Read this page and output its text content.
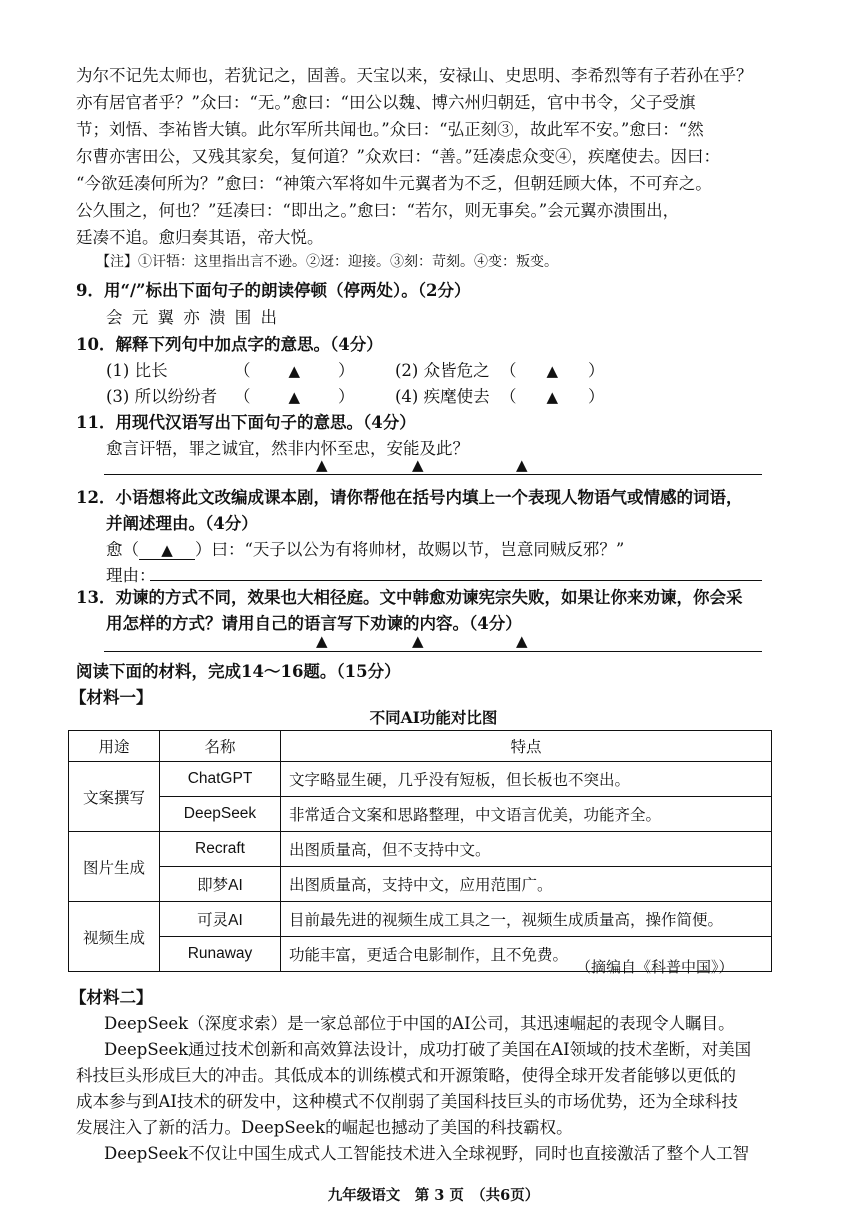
为尔不记先太师也，若犹记之，固善。天宝以来，安禄山、史思明、李希烈等有子若孙在乎？
亦有居官者乎？”众曰：“无。”愈曰：“田公以魏、博六州归朝廷，官中书令，父子受旗
节；刘悟、李祐皆大镇。此尔军所共闻也。”众曰：“弘正刻③，故此军不安。”愈曰：“然
尔曹亦害田公，又残其家矣，复何道？”众欢曰：“善。”廷凑虑众变④，疾麾使去。因曰：
“今欲廷凑何所为？”愈曰：“神策六军将如牛元翼者为不乏，但朝廷顾大体，不可弃之。
公久围之，何也？”廷凑曰：“即出之。”愈曰：“若尔，则无事矣。”会元翼亦溃围出，
廷凑不追。愈归奏其语，帝大悦。
【注】①讦牾：这里指出言不逊。②迓：迎接。③刻：苛刻。④变：叛变。
9．用“/”标出下面句子的朗读停顿（停两处）。（2分）
会 元 翼 亦 溃 围 出
10．解释下列句中加点字的意思。（4分）
(1) 比长	（	▲ ） (2) 众皆危之 （ ▲ ）
(3) 所以纷纷者 （	▲ ） (4) 疾麾使去 （ ▲ ）
11．用现代汉语写出下面句子的意思。（4分）
愈言讦牾，罪之诚宜，然非内怀至忠，安能及此？
▲	▲	▲
12．小语想将此文改编成课本剧，请你帮他在括号内填上一个表现人物语气或情感的词语，
并阐述理由。（4分）
愈（ ▲ ）曰：“天子以公为有将帅材，故赐以节，岂意同贼反邪？”
理由：
13．劝谏的方式不同，效果也大相径庭。文中韩愈劝谏宪宗失败，如果让你来劝谏，你会采
用怎样的方式？请用自己的语言写下劝谏的内容。（4分）
▲	▲	▲
阅读下面的材料，完成14～16题。（15分）
【材料一】
不同AI功能对比图
用途	名称	特点
文案撰写	ChatGPT	文字略显生硬，几乎没有短板，但长板也不突出。
	DeepSeek	非常适合文案和思路整理，中文语言优美，功能齐全。
图片生成	Recraft	出图质量高，但不支持中文。
	即梦AI	出图质量高，支持中文，应用范围广。
视频生成	可灵AI	目前最先进的视频生成工具之一，视频生成质量高，操作简便。
	Runaway	功能丰富，更适合电影制作，且不免费。
（摘编自《科普中国》）
【材料二】
DeepSeek（深度求索）是一家总部位于中国的AI公司，其迅速崛起的表现令人瞩目。
DeepSeek通过技术创新和高效算法设计，成功打破了美国在AI领域的技术垄断，对美国
科技巨头形成巨大的冲击。其低成本的训练模式和开源策略，使得全球开发者能够以更低的
成本参与到AI技术的研发中，这种模式不仅削弱了美国科技巨头的市场优势，还为全球科技
发展注入了新的活力。DeepSeek的崛起也撼动了美国的科技霸权。
DeepSeek不仅让中国生成式人工智能技术进入全球视野，同时也直接激活了整个人工智
九年级语文　第 3 页　（共6页）
